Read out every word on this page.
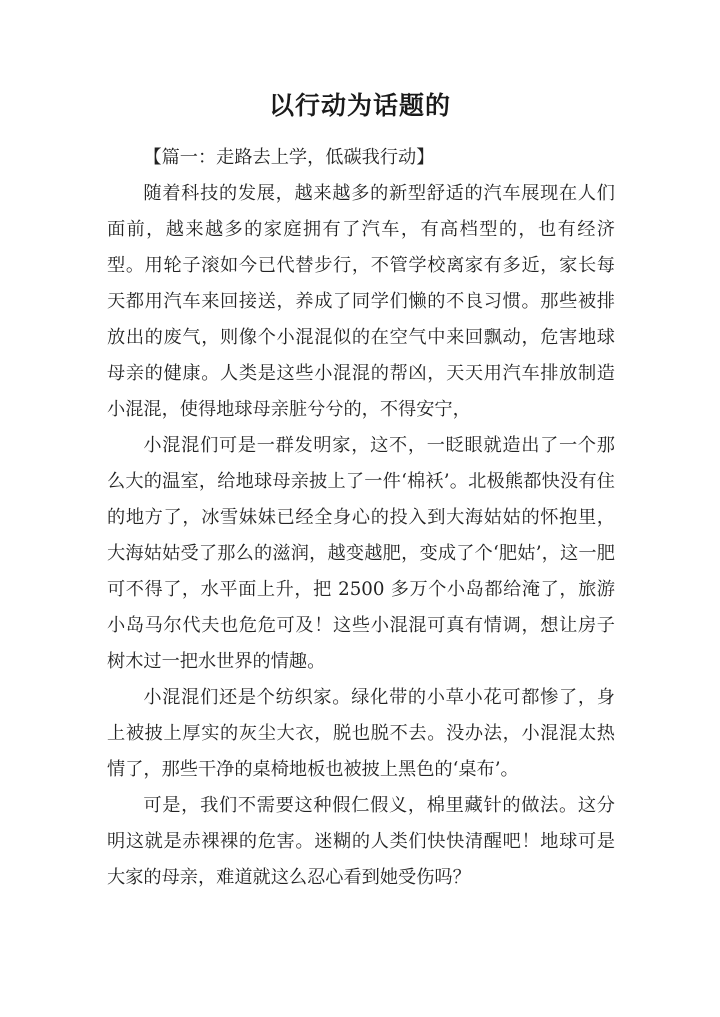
以行动为话题的

【篇一：走路去上学，低碳我行动】

随着科技的发展，越来越多的新型舒适的汽车展现在人们面前，越来越多的家庭拥有了汽车，有高档型的，也有经济型。用轮子滚如今已代替步行，不管学校离家有多近，家长每天都用汽车来回接送，养成了同学们懒的不良习惯。那些被排放出的废气，则像个小混混似的在空气中来回飘动，危害地球母亲的健康。人类是这些小混混的帮凶，天天用汽车排放制造小混混，使得地球母亲脏兮兮的，不得安宁，

小混混们可是一群发明家，这不，一眨眼就造出了一个那么大的温室，给地球母亲披上了一件‘棉袄’。北极熊都快没有住的地方了，冰雪妹妹已经全身心的投入到大海姑姑的怀抱里，大海姑姑受了那么的滋润，越变越肥，变成了个‘肥姑’，这一肥可不得了，水平面上升，把 2500 多万个小岛都给淹了，旅游小岛马尔代夫也危危可及！这些小混混可真有情调，想让房子树木过一把水世界的情趣。

小混混们还是个纺织家。绿化带的小草小花可都惨了，身上被披上厚实的灰尘大衣，脱也脱不去。没办法，小混混太热情了，那些干净的桌椅地板也被披上黑色的‘桌布’。

可是，我们不需要这种假仁假义，棉里藏针的做法。这分明这就是赤裸裸的危害。迷糊的人类们快快清醒吧！地球可是大家的母亲，难道就这么忍心看到她受伤吗？
